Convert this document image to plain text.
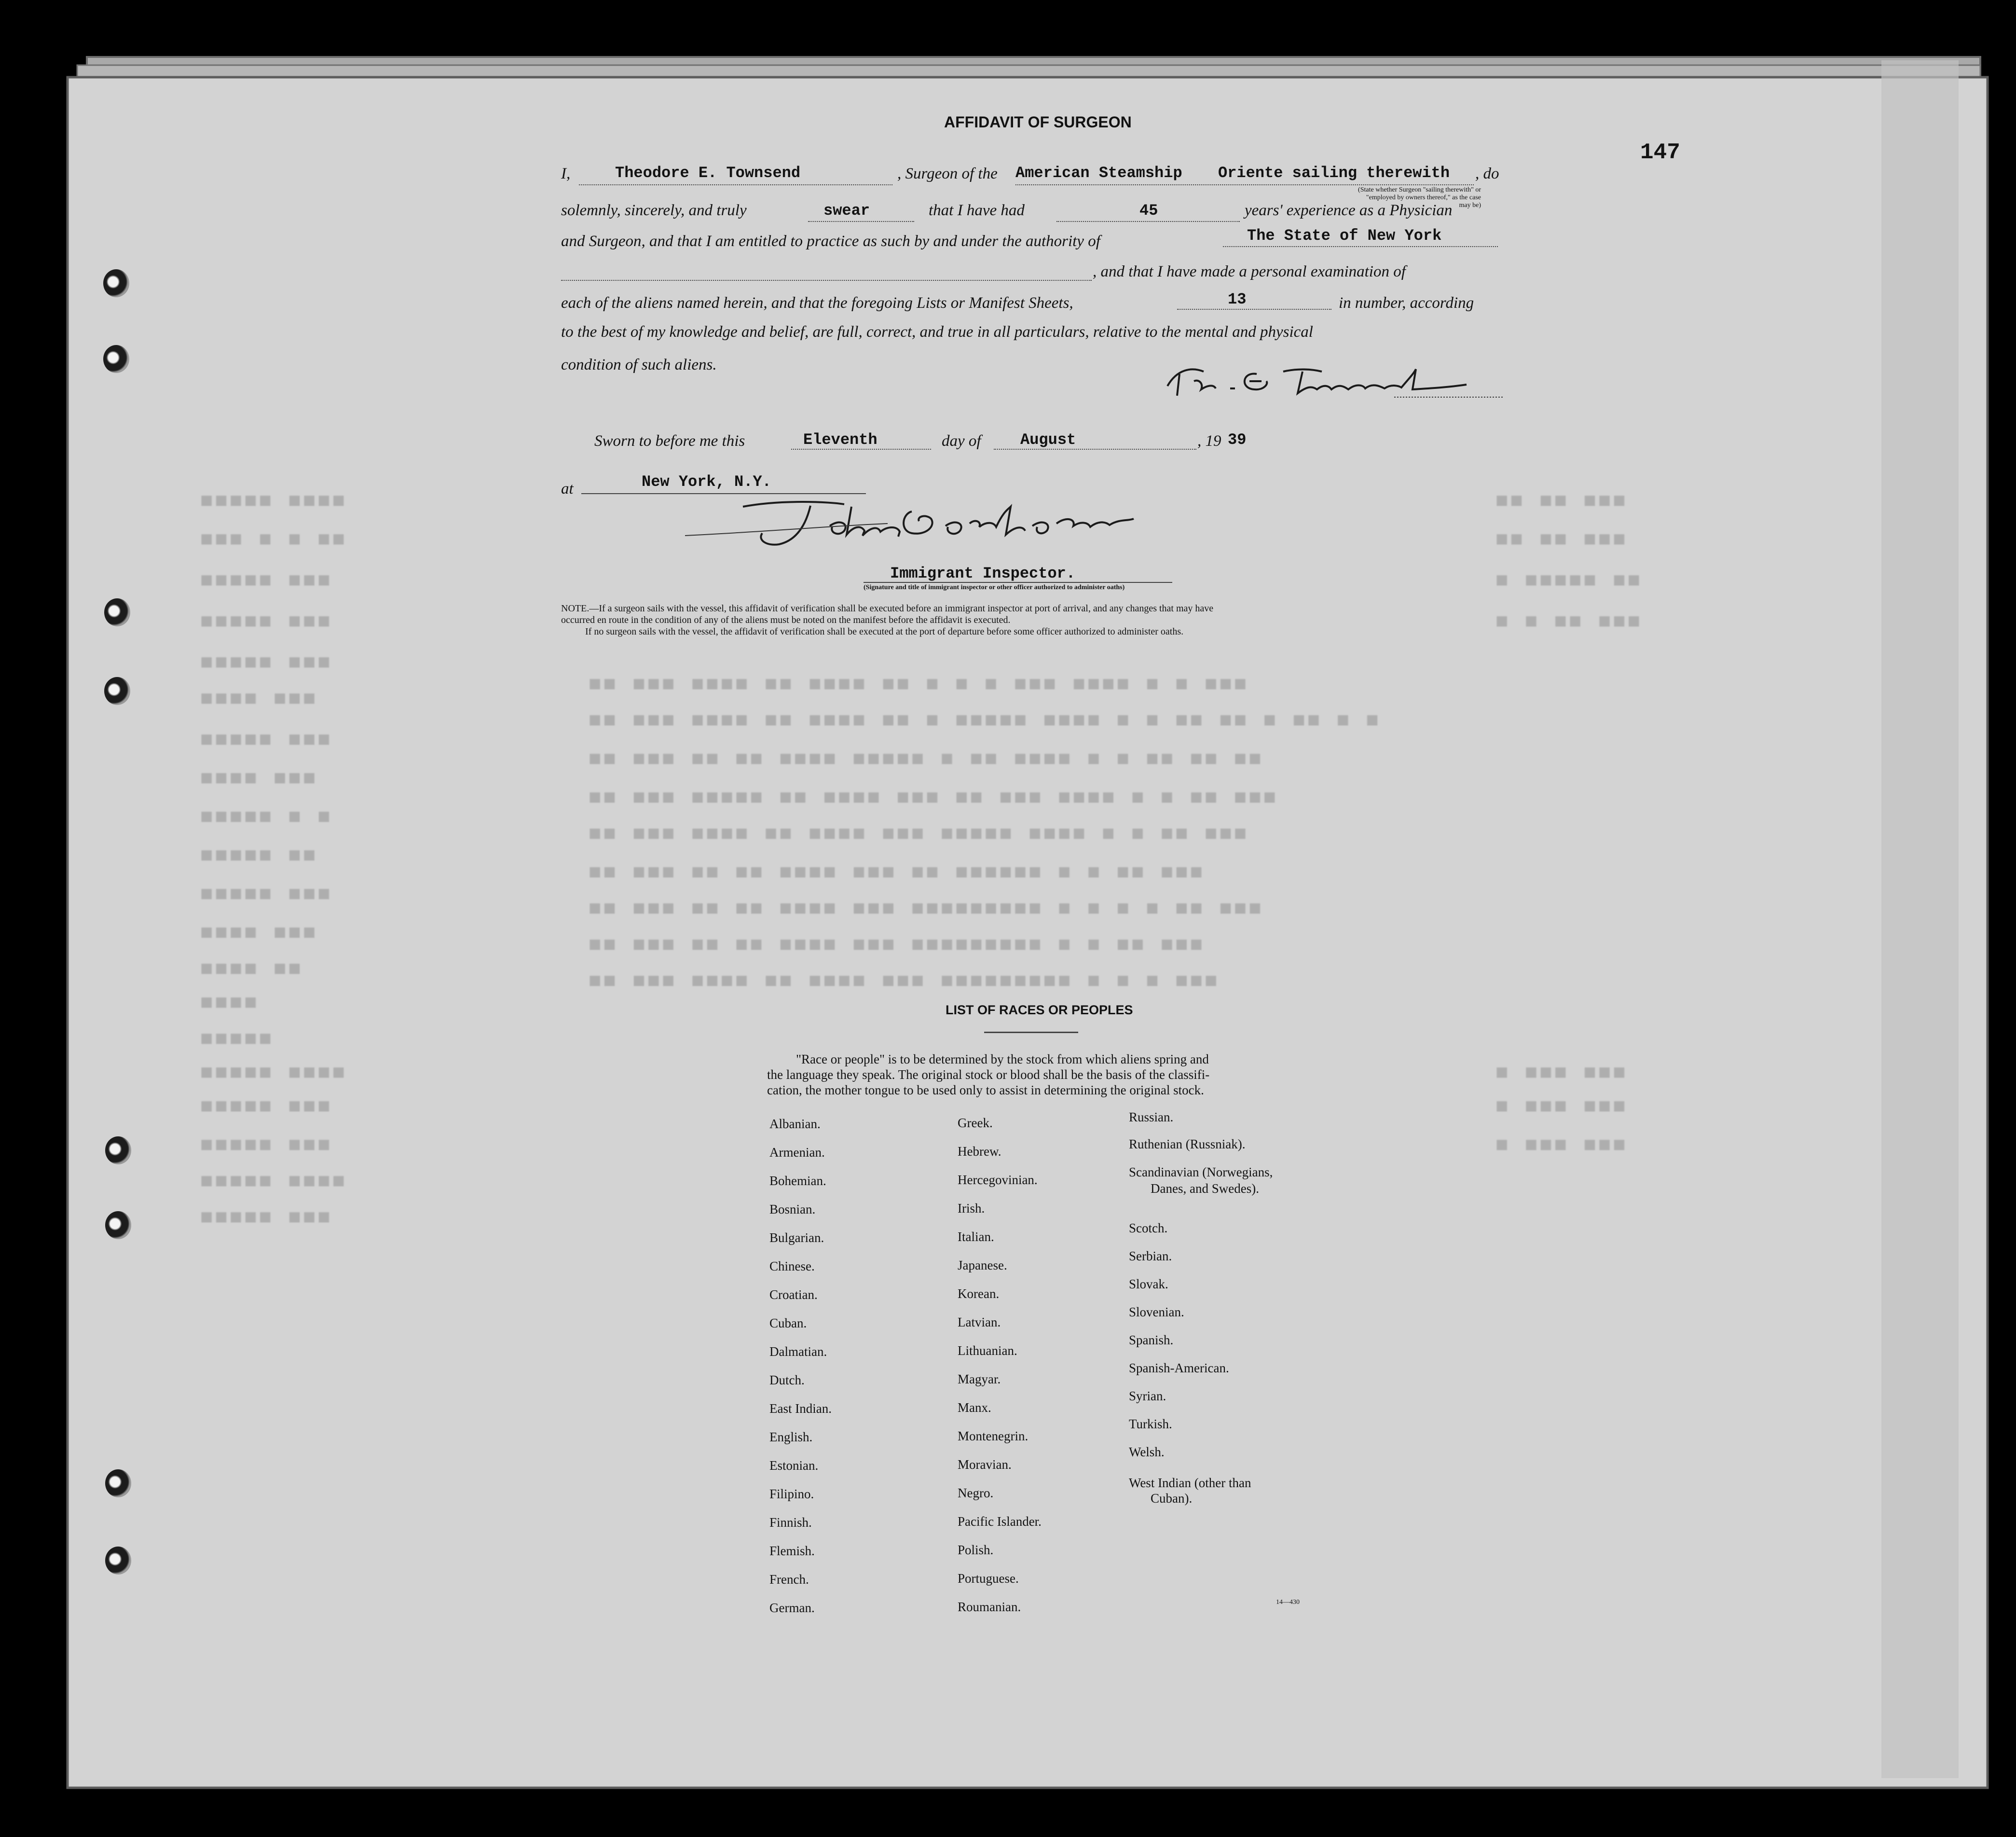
■■■■■ ■■■■
■■■ ■ ■ ■■
■■■■■ ■■■
■■■■■ ■■■
■■■■■ ■■■
■■■■ ■■■
■■■■■ ■■■
■■■■ ■■■
■■■■■ ■ ■
■■■■■ ■■
■■■■■ ■■■
■■■■ ■■■
■■■■ ■■
■■■■
■■■■■
■■■■■ ■■■■
■■■■■ ■■■
■■■■■ ■■■
■■■■■ ■■■■
■■■■■ ■■■
■■ ■■■ ■■■■ ■■ ■■■■ ■■ ■ ■ ■ ■■■ ■■■■ ■ ■ ■■■
■■ ■■■ ■■■■ ■■ ■■■■ ■■ ■ ■■■■■ ■■■■ ■ ■ ■■ ■■ ■ ■■ ■ ■
■■ ■■■ ■■ ■■ ■■■■ ■■■■■ ■ ■■ ■■■■ ■ ■ ■■ ■■ ■■
■■ ■■■ ■■■■■ ■■ ■■■■ ■■■ ■■ ■■■ ■■■■ ■ ■ ■■ ■■■
■■ ■■■ ■■■■ ■■ ■■■■ ■■■ ■■■■■ ■■■■ ■ ■ ■■ ■■■
■■ ■■■ ■■ ■■ ■■■■ ■■■ ■■ ■■■■■■ ■ ■ ■■ ■■■
■■ ■■■ ■■ ■■ ■■■■ ■■■ ■■■■■■■■■ ■ ■ ■ ■ ■■ ■■■
■■ ■■■ ■■ ■■ ■■■■ ■■■ ■■■■■■■■■ ■ ■ ■■ ■■■
■■ ■■■ ■■■■ ■■ ■■■■ ■■■ ■■■■■■■■■ ■ ■ ■ ■■■
■■ ■■ ■■■
■■ ■■ ■■■
■ ■■■■■ ■■
■ ■ ■■ ■■■
■ ■■■ ■■■
■ ■■■ ■■■
■ ■■■ ■■■
147
AFFIDAVIT OF SURGEON
I,	Theodore E. Townsend	, Surgeon of the American Steamship Oriente sailing therewith , do
(State whether Surgeon "sailing therewith" or "employed by owners thereof," as the case may be)
solemnly, sincerely, and truly	swear	that I have had	45	years' experience as a Physician
and Surgeon, and that I am entitled to practice as such by and under the authority of	The State of New York
, and that I have made a personal examination of
each of the aliens named herein, and that the foregoing Lists or Manifest Sheets,	13	in number, according
to the best of my knowledge and belief, are full, correct, and true in all particulars, relative to the mental and physical
condition of such aliens.	Theo. E. Townsend
Sworn to before me this	Eleventh	day of	August	, 19 39
at	New York, N.Y.
John Doskins
Immigrant Inspector.
(Signature and title of immigrant inspector or other officer authorized to administer oaths)
NOTE.—If a surgeon sails with the vessel, this affidavit of verification shall be executed before an immigrant inspector at port of arrival, and any changes that may have
occurred en route in the condition of any of the aliens must be noted on the manifest before the affidavit is executed.
If no surgeon sails with the vessel, the affidavit of verification shall be executed at the port of departure before some officer authorized to administer oaths.
LIST OF RACES OR PEOPLES
"Race or people" is to be determined by the stock from which aliens spring and
the language they speak. The original stock or blood shall be the basis of the classifi-
cation, the mother tongue to be used only to assist in determining the original stock.
Albanian.
Armenian.
Bohemian.
Bosnian.
Bulgarian.
Chinese.
Croatian.
Cuban.
Dalmatian.
Dutch.
East Indian.
English.
Estonian.
Filipino.
Finnish.
Flemish.
French.
German.
Greek.
Hebrew.
Hercegovinian.
Irish.
Italian.
Japanese.
Korean.
Latvian.
Lithuanian.
Magyar.
Manx.
Montenegrin.
Moravian.
Negro.
Pacific Islander.
Polish.
Portuguese.
Roumanian.
Russian.
Ruthenian (Russniak).
Scandinavian (Norwegians,
Danes, and Swedes).
Scotch.
Serbian.
Slovak.
Slovenian.
Spanish.
Spanish-American.
Syrian.
Turkish.
Welsh.
West Indian (other than
Cuban).
14—430
